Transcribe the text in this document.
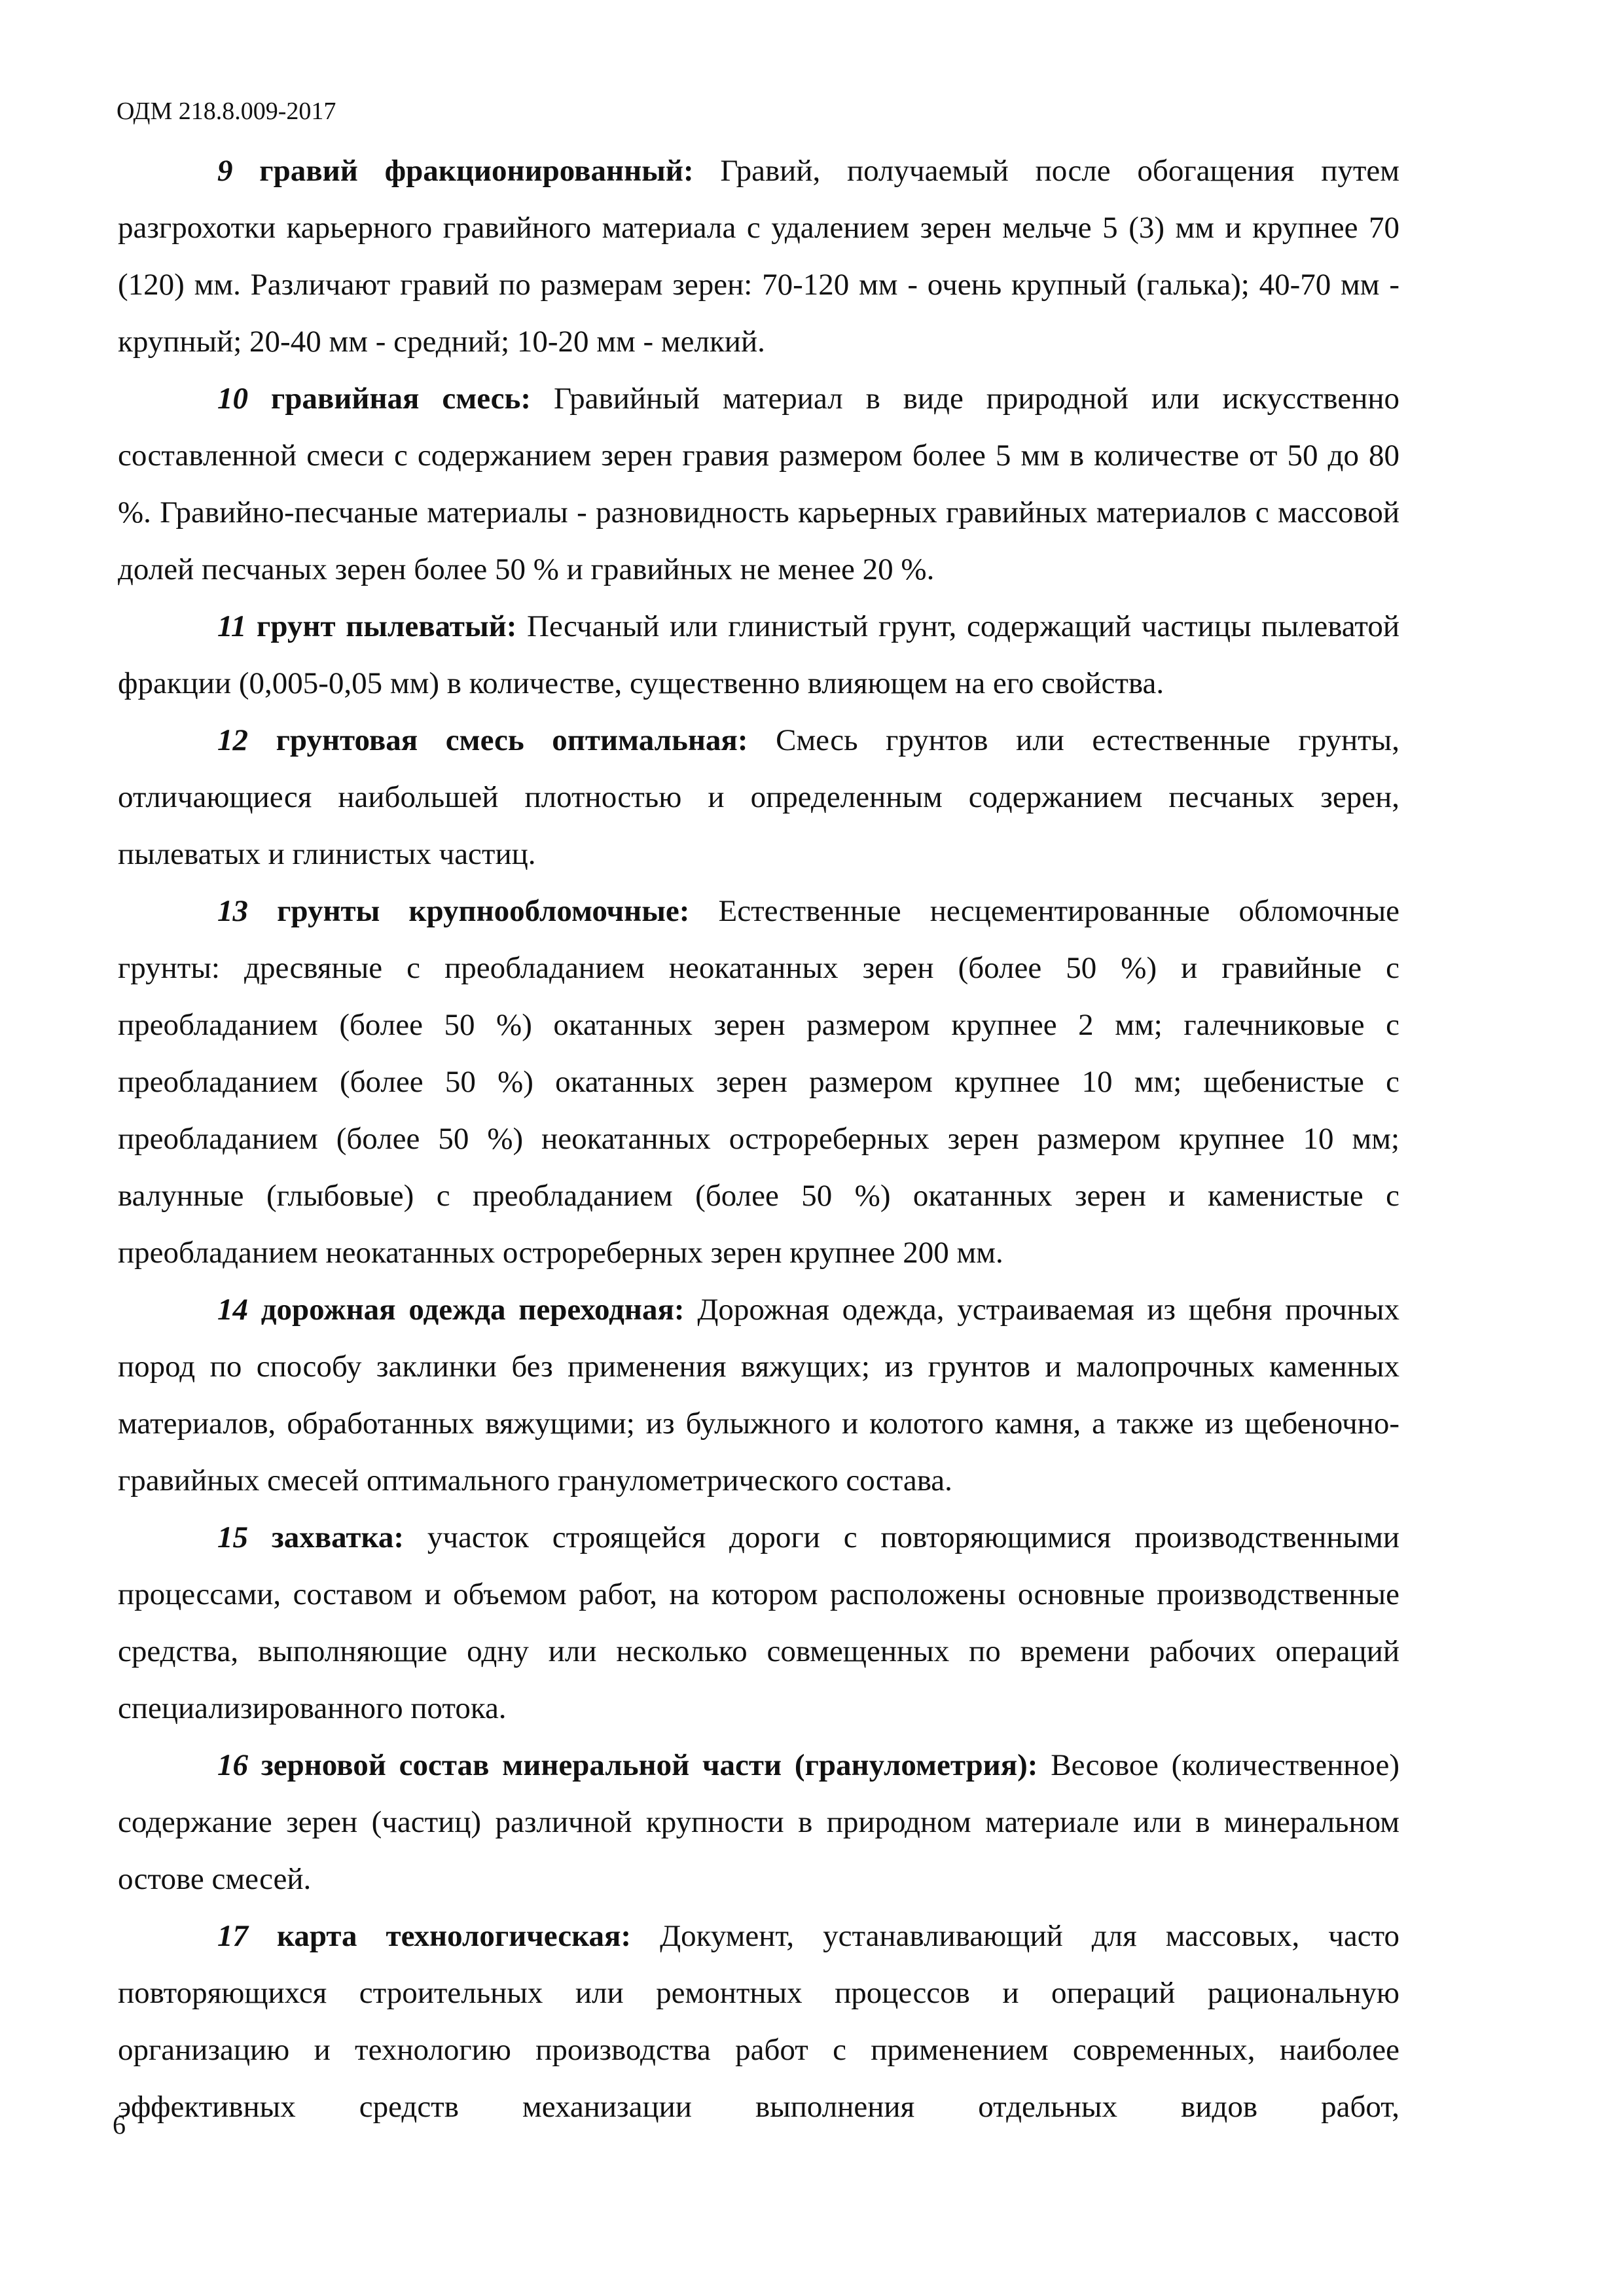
ОДМ 218.8.009-2017

9 гравий фракционированный: Гравий, получаемый после обогащения путем разгрохотки карьерного гравийного материала с удалением зерен мельче 5 (3) мм и крупнее 70 (120) мм. Различают гравий по размерам зерен: 70-120 мм - очень крупный (галька); 40-70 мм - крупный; 20-40 мм - средний; 10-20 мм - мелкий.

10 гравийная смесь: Гравийный материал в виде природной или искусственно составленной смеси с содержанием зерен гравия размером более 5 мм в количестве от 50 до 80 %. Гравийно-песчаные материалы - разновидность карьерных гравийных материалов с массовой долей песчаных зерен более 50 % и гравийных не менее 20 %.

11 грунт пылеватый: Песчаный или глинистый грунт, содержащий частицы пылеватой фракции (0,005-0,05 мм) в количестве, существенно влияющем на его свойства.

12 грунтовая смесь оптимальная: Смесь грунтов или естественные грунты, отличающиеся наибольшей плотностью и определенным содержанием песчаных зерен, пылеватых и глинистых частиц.

13 грунты крупнообломочные: Естественные несцементированные обломочные грунты: дресвяные с преобладанием неокатанных зерен (более 50 %) и гравийные с преобладанием (более 50 %) окатанных зерен размером крупнее 2 мм; галечниковые с преобладанием (более 50 %) окатанных зерен размером крупнее 10 мм; щебенистые с преобладанием (более 50 %) неокатанных остроребеpных зерен размером крупнее 10 мм; валунные (глыбовые) с преобладанием (более 50 %) окатанных зерен и каменистые с преобладанием неокатанных остроребеpных зерен крупнее 200 мм.

14 дорожная одежда переходная: Дорожная одежда, устраиваемая из щебня прочных пород по способу заклинки без применения вяжущих; из грунтов и малопрочных каменных материалов, обработанных вяжущими; из булыжного и колотого камня, а также из щебеночно-гравийных смесей оптимального гранулометрического состава.

15 захватка: участок строящейся дороги с повторяющимися производственными процессами, составом и объемом работ, на котором расположены основные производственные средства, выполняющие одну или несколько совмещенных по времени рабочих операций специализированного потока.

16 зерновой состав минеральной части (гранулометрия): Весовое (количественное) содержание зерен (частиц) различной крупности в природном материале или в минеральном остове смесей.

17 карта технологическая: Документ, устанавливающий для массовых, часто повторяющихся строительных или ремонтных процессов и операций рациональную организацию и технологию производства работ с применением современных, наиболее эффективных средств механизации выполнения отдельных видов работ,

6
